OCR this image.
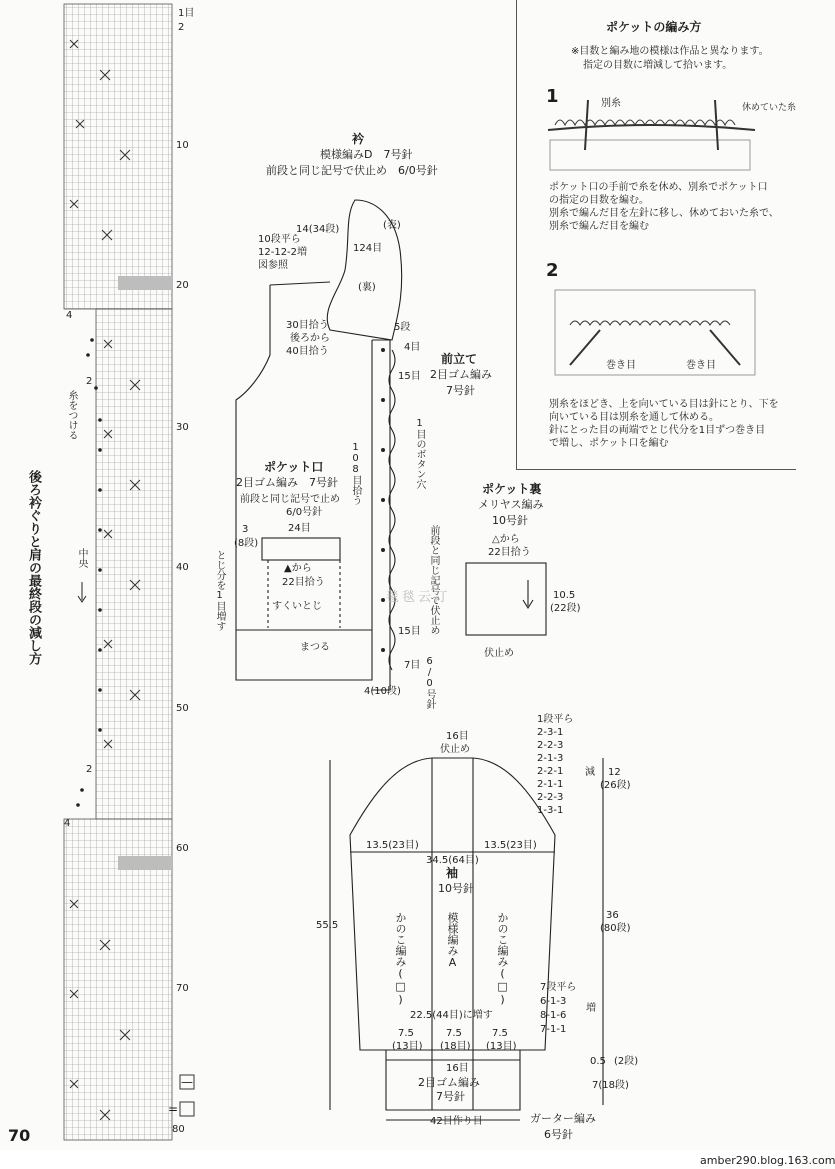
1目
2
10
20
30
40
50
60
70
80
4
2
2
4
糸をつける
中央
後ろ衿ぐりと肩の最終段の減し方
—
=
70
衿
模様編みD　7号針
前段と同じ記号で伏止め　6/0号針
14(34段)	(表)
124目
(裏)
10段平ら
12-12-2増
図参照
30目拾う
後ろから
40目拾う
前立て
2目ゴム編み
7号針
5段
4目
15目
1目のボタン穴
108目拾う
前段と同じ記号で伏止め
15目
7目 6/0号針
4(10段)
ポケット口
2目ゴム編み　7号針
前段と同じ記号で止め
6/0号針
3
(8段)
24目
▲から
22目拾う
すくいとじ
まつる
とじ分を1目増す
ポケット裏
メリヤス編み
10号針
△から
22目拾う
10.5
(22段)
伏止め
毯毯云汀
ポケットの編み方
※目数と編み地の模様は作品と異なります。
指定の目数に増減して拾います。
1	別糸	休めていた糸
ポケット口の手前で糸を休め、別糸でポケット口
の指定の目数を編む。
別糸で編んだ目を左針に移し、休めておいた糸で、
別糸で編んだ目を編む
2
巻き目	巻き目
別糸をほどき、上を向いている目は針にとり、下を
向いている目は別糸を通して休める。
針にとった目の両端でとじ代分を1目ずつ巻き目
で増し、ポケット口を編む
袖
10号針
16目
伏止め
1段平ら
2-3-1
2-2-3
2-1-3
2-2-1
2-1-1
2-2-3
1-3-1
減 12
(26段)
13.5(23目)	13.5(23目)
34.5(64目)
55.5
36
(80段)
かのこ編み(□)	模様編みA	かのこ編み(□)	7段平ら
6-1-3
8-1-6
7-1-1
増
22.5(44目)に増す
7.5
(13目)
7.5
(18目)
7.5
(13目)
16目
2目ゴム編み
7号針
0.5 (2段)
7(18段)
42目作り目	ガーター編み
6号針
amber290.blog.163.com
